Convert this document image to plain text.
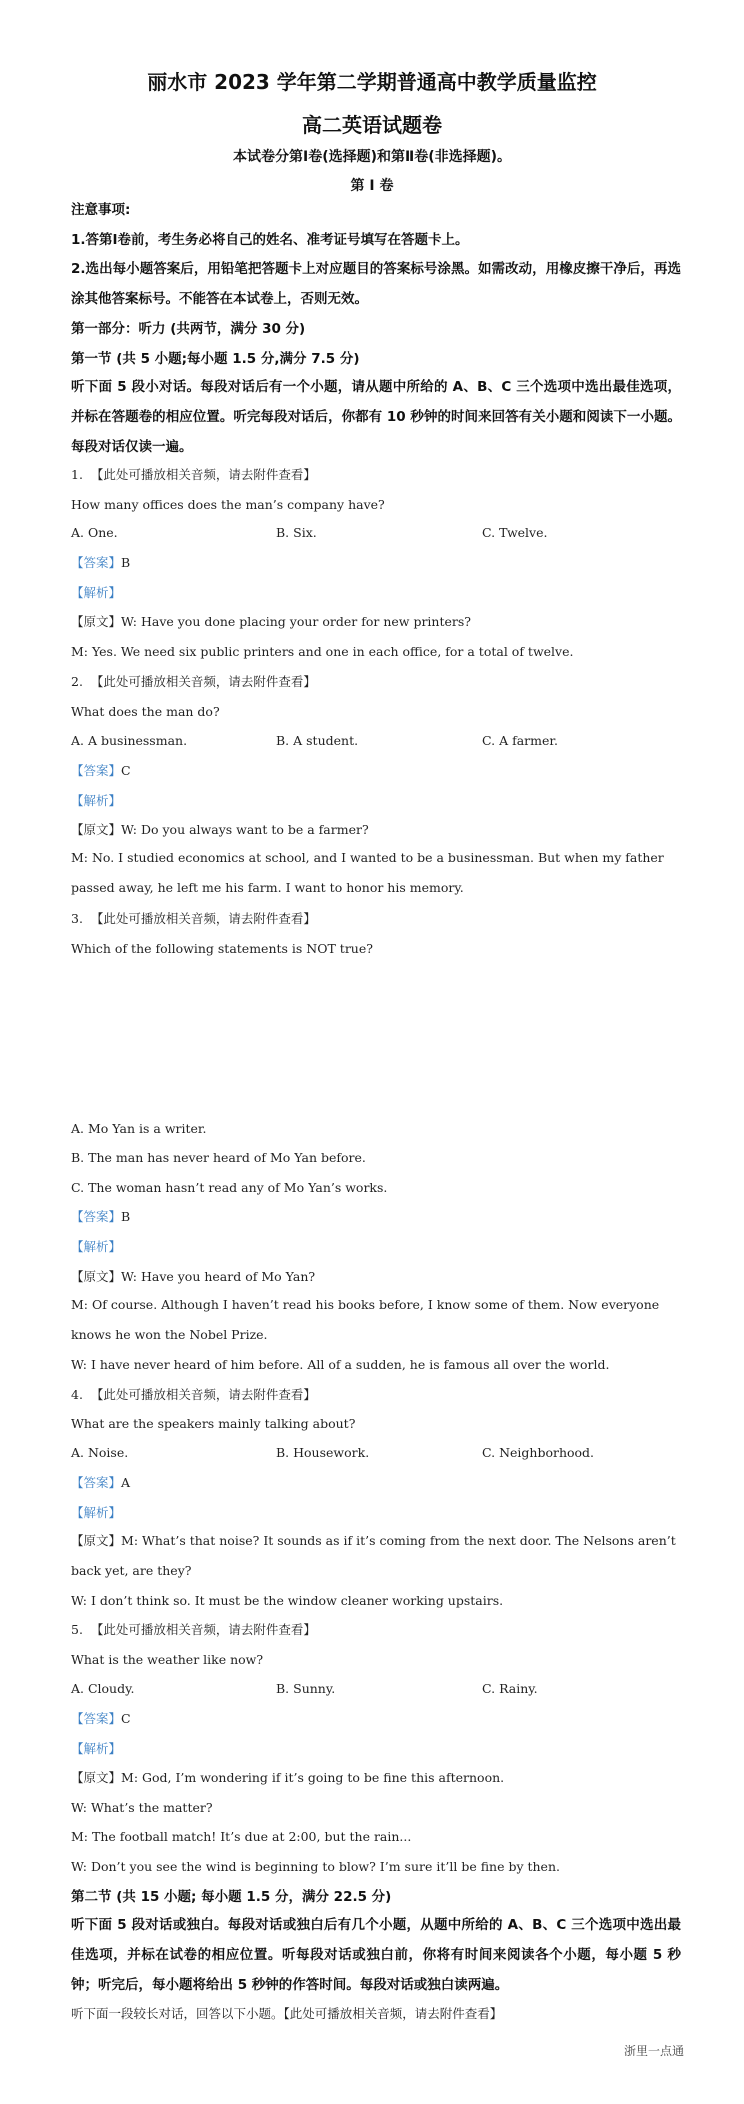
丽水市 2023 学年第二学期普通高中教学质量监控
高二英语试题卷
本试卷分第Ⅰ卷(选择题)和第Ⅱ卷(非选择题)。
第 Ⅰ 卷
注意事项:
1.答第Ⅰ卷前，考生务必将自己的姓名、准考证号填写在答题卡上。
2.选出每小题答案后，用铅笔把答题卡上对应题目的答案标号涂黑。如需改动，用橡皮擦干净后，再选涂其他答案标号。不能答在本试卷上，否则无效。
第一部分：听力 (共两节，满分 30 分)
第一节 (共 5 小题;每小题 1.5 分,满分 7.5 分)
听下面 5 段小对话。每段对话后有一个小题，请从题中所给的 A、B、C 三个选项中选出最佳选项，并标在答题卷的相应位置。听完每段对话后，你都有 10 秒钟的时间来回答有关小题和阅读下一小题。每段对话仅读一遍。
1. 【此处可播放相关音频，请去附件查看】
How many offices does the man’s company have?
A. One.	B. Six.	C. Twelve.
【答案】B
【解析】
【原文】W: Have you done placing your order for new printers?
M: Yes. We need six public printers and one in each office, for a total of twelve.
2. 【此处可播放相关音频，请去附件查看】
What does the man do?
A. A businessman.	B. A student.	C. A farmer.
【答案】C
【解析】
【原文】W: Do you always want to be a farmer?
M: No. I studied economics at school, and I wanted to be a businessman. But when my father passed away, he left me his farm. I want to honor his memory.
3. 【此处可播放相关音频，请去附件查看】
Which of the following statements is NOT true?
A. Mo Yan is a writer.
B. The man has never heard of Mo Yan before.
C. The woman hasn’t read any of Mo Yan’s works.
【答案】B
【解析】
【原文】W: Have you heard of Mo Yan?
M: Of course. Although I haven’t read his books before, I know some of them. Now everyone knows he won the Nobel Prize.
W: I have never heard of him before. All of a sudden, he is famous all over the world.
4. 【此处可播放相关音频，请去附件查看】
What are the speakers mainly talking about?
A. Noise.	B. Housework.	C. Neighborhood.
【答案】A
【解析】
【原文】M: What’s that noise? It sounds as if it’s coming from the next door. The Nelsons aren’t back yet, are they?
W: I don’t think so. It must be the window cleaner working upstairs.
5. 【此处可播放相关音频，请去附件查看】
What is the weather like now?
A. Cloudy.	B. Sunny.	C. Rainy.
【答案】C
【解析】
【原文】M: God, I’m wondering if it’s going to be fine this afternoon.
W: What’s the matter?
M: The football match! It’s due at 2:00, but the rain...
W: Don’t you see the wind is beginning to blow? I’m sure it’ll be fine by then.
第二节 (共 15 小题; 每小题 1.5 分，满分 22.5 分)
听下面 5 段对话或独白。每段对话或独白后有几个小题，从题中所给的 A、B、C 三个选项中选出最佳选项，并标在试卷的相应位置。听每段对话或独白前，你将有时间来阅读各个小题，每小题 5 秒钟；听完后，每小题将给出 5 秒钟的作答时间。每段对话或独白读两遍。
听下面一段较长对话，回答以下小题。【此处可播放相关音频，请去附件查看】
浙里一点通
